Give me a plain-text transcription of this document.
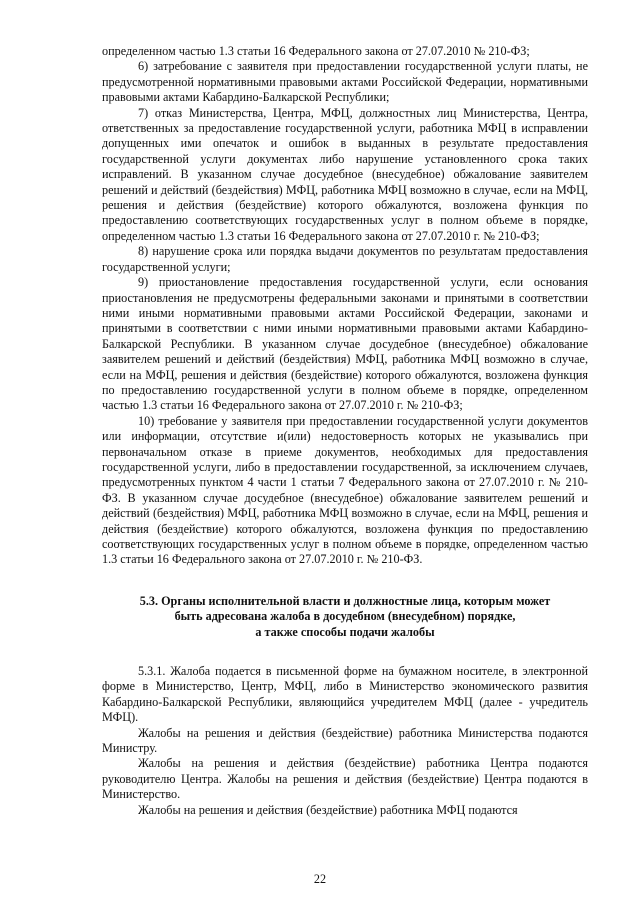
определенном частью 1.3 статьи 16 Федерального закона от 27.07.2010 № 210-ФЗ;

6) затребование с заявителя при предоставлении государственной услуги платы, не предусмотренной нормативными правовыми актами Российской Федерации, нормативными правовыми актами Кабардино-Балкарской Республики;

7) отказ Министерства, Центра, МФЦ, должностных лиц Министерства, Центра, ответственных за предоставление государственной услуги, работника МФЦ в исправлении допущенных ими опечаток и ошибок в выданных в результате предоставления государственной услуги документах либо нарушение установленного срока таких исправлений. В указанном случае досудебное (внесудебное) обжалование заявителем решений и действий (бездействия) МФЦ, работника МФЦ возможно в случае, если на МФЦ, решения и действия (бездействие) которого обжалуются, возложена функция по предоставлению соответствующих государственных услуг в полном объеме в порядке, определенном частью 1.3 статьи 16 Федерального закона от 27.07.2010 г. № 210-ФЗ;

8) нарушение срока или порядка выдачи документов по результатам предоставления государственной услуги;

9) приостановление предоставления государственной услуги, если основания приостановления не предусмотрены федеральными законами и принятыми в соответствии ними иными нормативными правовыми актами Российской Федерации, законами и принятыми в соответствии с ними иными нормативными правовыми актами Кабардино-Балкарской Республики. В указанном случае досудебное (внесудебное) обжалование заявителем решений и действий (бездействия) МФЦ, работника МФЦ возможно в случае, если на МФЦ, решения и действия (бездействие) которого обжалуются, возложена функция по предоставлению государственной услуги в полном объеме в порядке, определенном частью 1.3 статьи 16 Федерального закона от 27.07.2010 г. № 210-ФЗ;

10) требование у заявителя при предоставлении государственной услуги документов или информации, отсутствие и(или) недостоверность которых не указывались при первоначальном отказе в приеме документов, необходимых для предоставления государственной услуги, либо в предоставлении государственной, за исключением случаев, предусмотренных пунктом 4 части 1 статьи 7 Федерального закона от 27.07.2010 г. № 210-ФЗ. В указанном случае досудебное (внесудебное) обжалование заявителем решений и действий (бездействия) МФЦ, работника МФЦ возможно в случае, если на МФЦ, решения и действия (бездействие) которого обжалуются, возложена функция по предоставлению соответствующих государственных услуг в полном объеме в порядке, определенном частью 1.3 статьи 16 Федерального закона от 27.07.2010 г. № 210-ФЗ.

5.3. Органы исполнительной власти и должностные лица, которым может
быть адресована жалоба в досудебном (внесудебном) порядке,
а также способы подачи жалобы

5.3.1. Жалоба подается в письменной форме на бумажном носителе, в электронной форме в Министерство, Центр, МФЦ, либо в Министерство экономического развития Кабардино-Балкарской Республики, являющийся учредителем МФЦ (далее - учредитель МФЦ).

Жалобы на решения и действия (бездействие) работника Министерства подаются Министру.

Жалобы на решения и действия (бездействие) работника Центра подаются руководителю Центра. Жалобы на решения и действия (бездействие) Центра подаются в Министерство.

Жалобы на решения и действия (бездействие) работника МФЦ подаются

22
